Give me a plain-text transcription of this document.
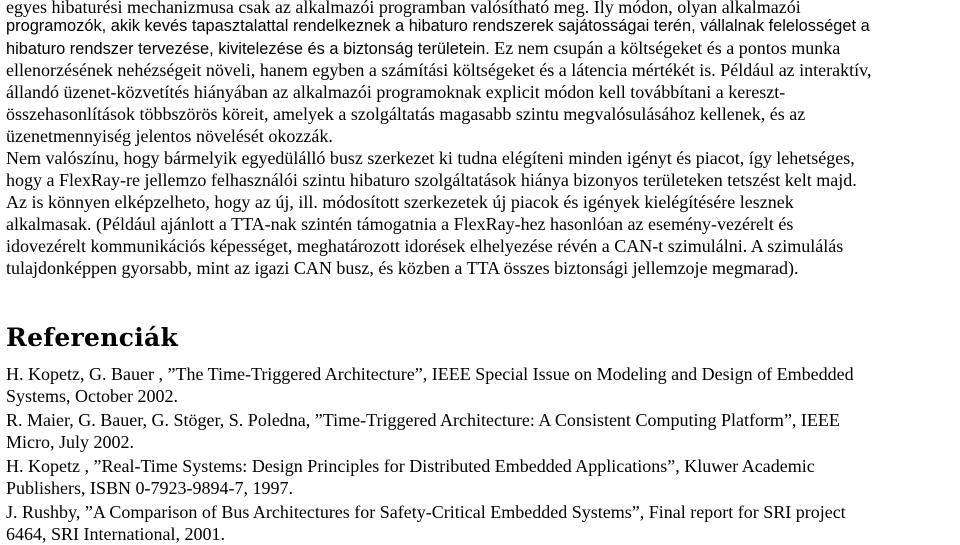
egyes hibaturési mechanizmusa csak az alkalmazói programban valósítható meg. Ily módon, olyan alkalmazói
programozók, akik kevés tapasztalattal rendelkeznek a hibaturo rendszerek sajátosságai terén, vállalnak felelosséget a
hibaturo rendszer tervezése, kivitelezése és a biztonság területein. Ez nem csupán a költségeket és a pontos munka
ellenorzésének nehézségeit növeli, hanem egyben a számítási költségeket és a látencia mértékét is. Például az interaktív,
állandó üzenet-közvetítés hiányában az alkalmazói programoknak explicit módon kell továbbítani a kereszt-
összehasonlítások többszörös köreit, amelyek a szolgáltatás magasabb szintu megvalósulásához kellenek, és az
üzenetmennyiség jelentos növelését okozzák.
Nem valószínu, hogy bármelyik egyedülálló busz szerkezet ki tudna elégíteni minden igényt és piacot, így lehetséges,
hogy a FlexRay-re jellemzo felhasználói szintu hibaturo szolgáltatások hiánya bizonyos területeken tetszést kelt majd.
Az is könnyen elképzelheto, hogy az új, ill. módosított szerkezetek új piacok és igények kielégítésére lesznek
alkalmasak. (Például ajánlott a TTA-nak szintén támogatnia a FlexRay-hez hasonlóan az esemény-vezérelt és
idovezérelt kommunikációs képességet, meghatározott idorések elhelyezése révén a CAN-t szimulálni. A szimulálás
tulajdonképpen gyorsabb, mint az igazi CAN busz, és közben a TTA összes biztonsági jellemzoje megmarad).
Referenciák
H. Kopetz, G. Bauer , ”The Time-Triggered Architecture”, IEEE Special Issue on Modeling and Design of Embedded
Systems, October 2002.
R. Maier, G. Bauer, G. Stöger, S. Poledna, ”Time-Triggered Architecture: A Consistent Computing Platform”, IEEE
Micro, July 2002.
H. Kopetz , ”Real-Time Systems: Design Principles for Distributed Embedded Applications”, Kluwer Academic
Publishers, ISBN 0-7923-9894-7, 1997.
J. Rushby, ”A Comparison of Bus Architectures for Safety-Critical Embedded Systems”, Final report for SRI project
6464, SRI International, 2001.
